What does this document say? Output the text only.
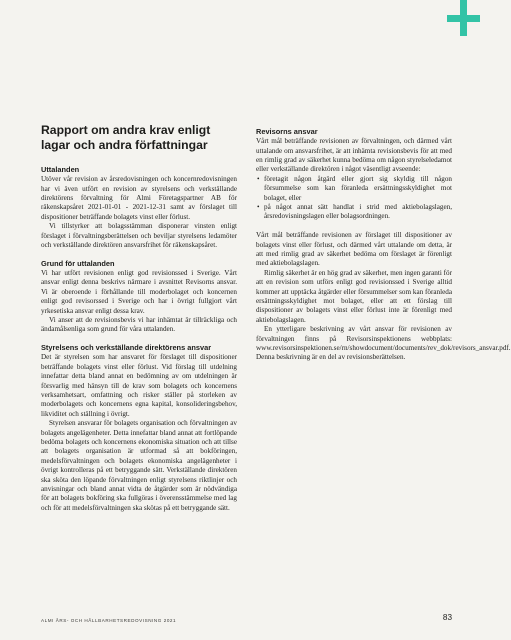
Rapport om andra krav enligt lagar och andra författningar
Uttalanden

Utöver vår revision av årsredovisningen och koncernredovisningen har vi även utfört en revision av styrelsens och verkställande direktörens förvaltning för Almi Företagspartner AB för räkenskapsåret 2021-01-01 - 2021-12-31 samt av förslaget till dispositioner beträffande bolagets vinst eller förlust.

Vi tillstyrker att bolagsstämman disponerar vinsten enligt förslaget i förvaltningsberättelsen och beviljar styrelsens ledamöter och verkställande direktören ansvarsfrihet för räkenskapsåret.

Grund för uttalanden

Vi har utfört revisionen enligt god revisionssed i Sverige. Vårt ansvar enligt denna beskrivs närmare i avsnittet Revisorns ansvar. Vi är oberoende i förhållande till moderbolaget och koncernen enligt god revisorssed i Sverige och har i övrigt fullgjort vårt yrkesetiska ansvar enligt dessa krav.

Vi anser att de revisionsbevis vi har inhämtat är tillräckliga och ändamålsenliga som grund för våra uttalanden.

Styrelsens och verkställande direktörens ansvar

Det är styrelsen som har ansvaret för förslaget till dispositioner beträffande bolagets vinst eller förlust. Vid förslag till utdelning innefattar detta bland annat en bedömning av om utdelningen är försvarlig med hänsyn till de krav som bolagets och koncernens verksamhetsart, omfattning och risker ställer på storleken av moderbolagets och koncernens egna kapital, konsolideringsbehov, likviditet och ställning i övrigt.

Styrelsen ansvarar för bolagets organisation och förvaltningen av bolagets angelägenheter. Detta innefattar bland annat att fortlöpande bedöma bolagets och koncernens ekonomiska situation och att tillse att bolagets organisation är utformad så att bokföringen, medelsförvaltningen och bolagets ekonomiska angelägenheter i övrigt kontrolleras på ett betryggande sätt. Verkställande direktören ska sköta den löpande förvaltningen enligt styrelsens riktlinjer och anvisningar och bland annat vidta de åtgärder som är nödvändiga för att bolagets bokföring ska fullgöras i överensstämmelse med lag och för att medelsförvaltningen ska skötas på ett betryggande sätt.

Revisorns ansvar

Vårt mål beträffande revisionen av förvaltningen, och därmed vårt uttalande om ansvarsfrihet, är att inhämta revisionsbevis för att med en rimlig grad av säkerhet kunna bedöma om någon styrelseledamot eller verkställande direktören i något väsentligt avseende:

• företagit någon åtgärd eller gjort sig skyldig till någon försummelse som kan föranleda ersättningsskyldighet mot bolaget, eller
• på något annat sätt handlat i strid med aktiebolagslagen, årsredovisningslagen eller bolagsordningen.

Vårt mål beträffande revisionen av förslaget till dispositioner av bolagets vinst eller förlust, och därmed vårt uttalande om detta, är att med rimlig grad av säkerhet bedöma om förslaget är förenligt med aktiebolagslagen.

Rimlig säkerhet är en hög grad av säkerhet, men ingen garanti för att en revision som utförs enligt god revisionssed i Sverige alltid kommer att upptäcka åtgärder eller försummelser som kan föranleda ersättningsskyldighet mot bolaget, eller att ett förslag till dispositioner av bolagets vinst eller förlust inte är förenligt med aktiebolagslagen.

En ytterligare beskrivning av vårt ansvar för revisionen av förvaltningen finns på Revisorsinspektionens webbplats: www.revisorsinspektionen.se/rn/showdocument/documents/rev_dok/revisors_ansvar.pdf. Denna beskrivning är en del av revisionsberättelsen.

ALMI ÅRS- OCH HÅLLBARHETSREDOVISNING 2021	83
